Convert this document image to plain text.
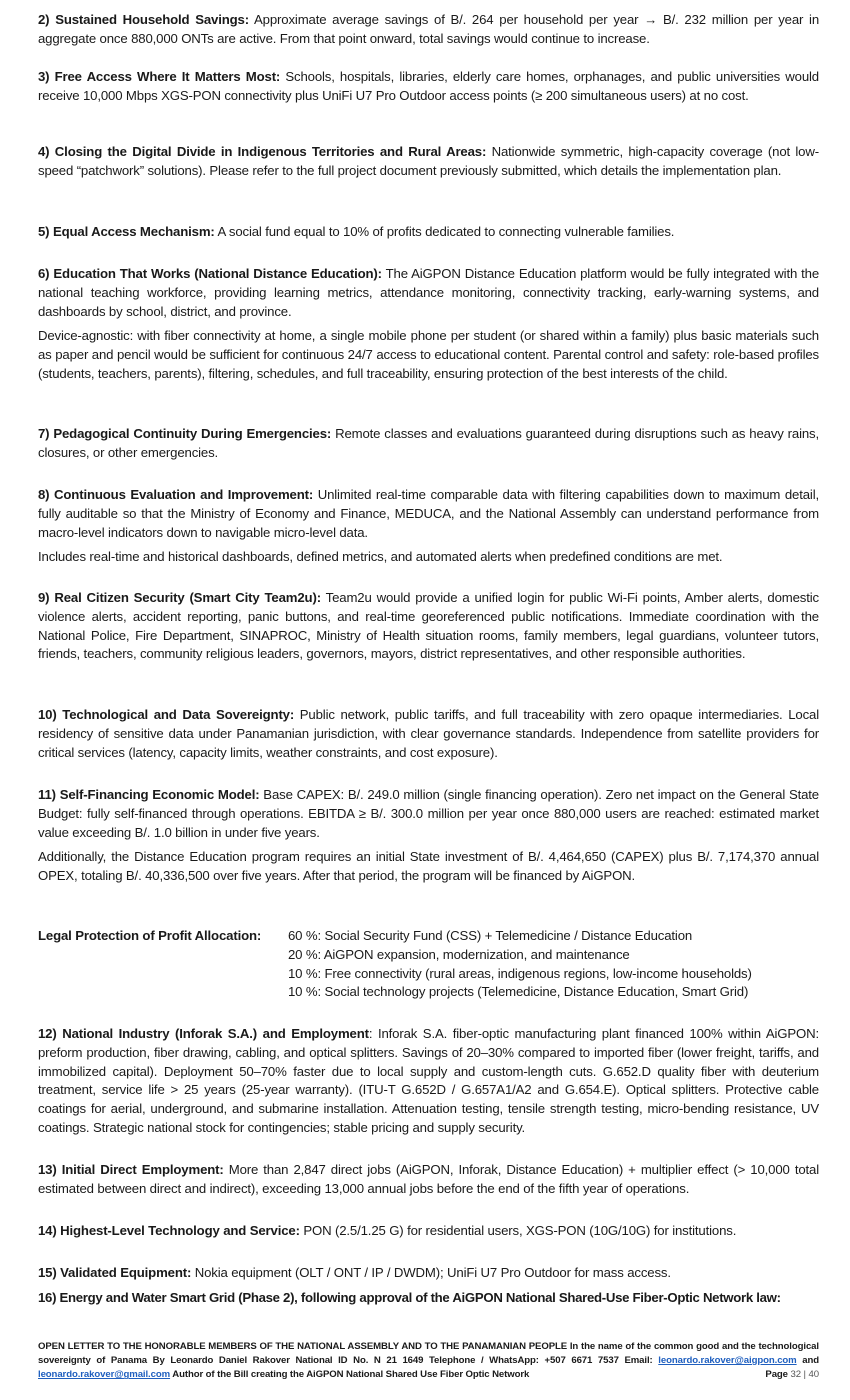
2) Sustained Household Savings: Approximate average savings of B/. 264 per household per year → B/. 232 million per year in aggregate once 880,000 ONTs are active. From that point onward, total savings would continue to increase.

3) Free Access Where It Matters Most: Schools, hospitals, libraries, elderly care homes, orphanages, and public universities would receive 10,000 Mbps XGS-PON connectivity plus UniFi U7 Pro Outdoor access points (≥ 200 simultaneous users) at no cost.

4) Closing the Digital Divide in Indigenous Territories and Rural Areas: Nationwide symmetric, high-capacity coverage (not low-speed “patchwork” solutions). Please refer to the full project document previously submitted, which details the implementation plan.

5) Equal Access Mechanism: A social fund equal to 10% of profits dedicated to connecting vulnerable families.

6) Education That Works (National Distance Education): The AiGPON Distance Education platform would be fully integrated with the national teaching workforce, providing learning metrics, attendance monitoring, connectivity tracking, early-warning systems, and dashboards by school, district, and province.

Device-agnostic: with fiber connectivity at home, a single mobile phone per student (or shared within a family) plus basic materials such as paper and pencil would be sufficient for continuous 24/7 access to educational content. Parental control and safety: role-based profiles (students, teachers, parents), filtering, schedules, and full traceability, ensuring protection of the best interests of the child.

7) Pedagogical Continuity During Emergencies: Remote classes and evaluations guaranteed during disruptions such as heavy rains, closures, or other emergencies.

8) Continuous Evaluation and Improvement: Unlimited real-time comparable data with filtering capabilities down to maximum detail, fully auditable so that the Ministry of Economy and Finance, MEDUCA, and the National Assembly can understand performance from macro-level indicators down to navigable micro-level data.

Includes real-time and historical dashboards, defined metrics, and automated alerts when predefined conditions are met.

9) Real Citizen Security (Smart City Team2u): Team2u would provide a unified login for public Wi-Fi points, Amber alerts, domestic violence alerts, accident reporting, panic buttons, and real-time georeferenced public notifications. Immediate coordination with the National Police, Fire Department, SINAPROC, Ministry of Health situation rooms, family members, legal guardians, volunteer tutors, friends, teachers, community religious leaders, governors, mayors, district representatives, and other responsible authorities.

10) Technological and Data Sovereignty: Public network, public tariffs, and full traceability with zero opaque intermediaries. Local residency of sensitive data under Panamanian jurisdiction, with clear governance standards. Independence from satellite providers for critical services (latency, capacity limits, weather constraints, and cost exposure).

11) Self-Financing Economic Model: Base CAPEX: B/. 249.0 million (single financing operation). Zero net impact on the General State Budget: fully self-financed through operations. EBITDA ≥ B/. 300.0 million per year once 880,000 users are reached: estimated market value exceeding B/. 1.0 billion in under five years.

Additionally, the Distance Education program requires an initial State investment of B/. 4,464,650 (CAPEX) plus B/. 7,174,370 annual OPEX, totaling B/. 40,336,500 over five years. After that period, the program will be financed by AiGPON.

Legal Protection of Profit Allocation: 60 %: Social Security Fund (CSS) + Telemedicine / Distance Education
20 %: AiGPON expansion, modernization, and maintenance
10 %: Free connectivity (rural areas, indigenous regions, low-income households)
10 %: Social technology projects (Telemedicine, Distance Education, Smart Grid)

12) National Industry (Inforak S.A.) and Employment: Inforak S.A. fiber-optic manufacturing plant financed 100% within AiGPON: preform production, fiber drawing, cabling, and optical splitters. Savings of 20–30% compared to imported fiber (lower freight, tariffs, and immobilized capital). Deployment 50–70% faster due to local supply and custom-length cuts. G.652.D quality fiber with deuterium treatment, service life > 25 years (25-year warranty). (ITU-T G.652D / G.657A1/A2 and G.654.E). Optical splitters. Protective cable coatings for aerial, underground, and submarine installation. Attenuation testing, tensile strength testing, micro-bending resistance, UV coatings. Strategic national stock for contingencies; stable pricing and supply security.

13) Initial Direct Employment: More than 2,847 direct jobs (AiGPON, Inforak, Distance Education) + multiplier effect (> 10,000 total estimated between direct and indirect), exceeding 13,000 annual jobs before the end of the fifth year of operations.

14) Highest-Level Technology and Service: PON (2.5/1.25 G) for residential users, XGS-PON (10G/10G) for institutions.

15) Validated Equipment: Nokia equipment (OLT / ONT / IP / DWDM); UniFi U7 Pro Outdoor for mass access.

16) Energy and Water Smart Grid (Phase 2), following approval of the AiGPON National Shared-Use Fiber-Optic Network law:

OPEN LETTER TO THE HONORABLE MEMBERS OF THE NATIONAL ASSEMBLY AND TO THE PANAMANIAN PEOPLE In the name of the common good and the technological sovereignty of Panama By Leonardo Daniel Rakover National ID No. N 21 1649 Telephone / WhatsApp: +507 6671 7537 Email: leonardo.rakover@aigpon.com and leonardo.rakover@gmail.com Author of the Bill creating the AiGPON National Shared Use Fiber Optic Network	Page 32 | 40
